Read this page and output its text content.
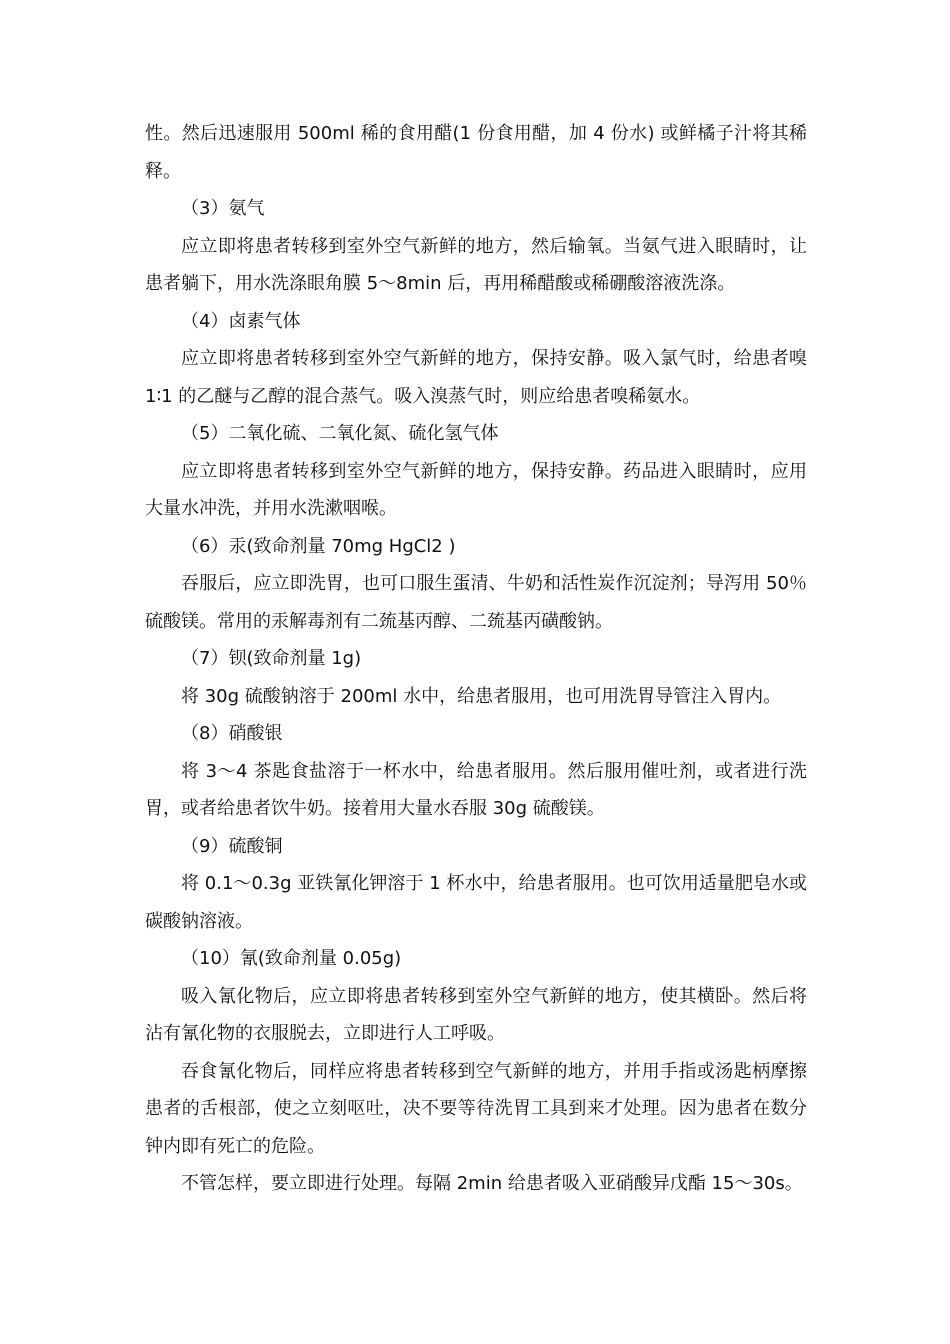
性。然后迅速服用 500ml 稀的食用醋(1 份食用醋，加 4 份水) 或鲜橘子汁将其稀释。

（3）氨气

应立即将患者转移到室外空气新鲜的地方，然后输氧。当氨气进入眼睛时，让患者躺下，用水洗涤眼角膜 5～8min 后，再用稀醋酸或稀硼酸溶液洗涤。

（4）卤素气体

应立即将患者转移到室外空气新鲜的地方，保持安静。吸入氯气时，给患者嗅 1∶1 的乙醚与乙醇的混合蒸气。吸入溴蒸气时，则应给患者嗅稀氨水。

（5）二氧化硫、二氧化氮、硫化氢气体

应立即将患者转移到室外空气新鲜的地方，保持安静。药品进入眼睛时，应用大量水冲洗，并用水洗漱咽喉。

（6）汞(致命剂量 70mg HgCl2 )

吞服后，应立即洗胃，也可口服生蛋清、牛奶和活性炭作沉淀剂；导泻用 50％硫酸镁。常用的汞解毒剂有二巯基丙醇、二巯基丙磺酸钠。

（7）钡(致命剂量 1g)

将 30g 硫酸钠溶于 200ml 水中，给患者服用，也可用洗胃导管注入胃内。

（8）硝酸银

将 3～4 茶匙食盐溶于一杯水中，给患者服用。然后服用催吐剂，或者进行洗胃，或者给患者饮牛奶。接着用大量水吞服 30g 硫酸镁。

（9）硫酸铜

将 0.1～0.3g 亚铁氰化钾溶于 1 杯水中，给患者服用。也可饮用适量肥皂水或碳酸钠溶液。

（10）氰(致命剂量 0.05g)

吸入氰化物后，应立即将患者转移到室外空气新鲜的地方，使其横卧。然后将沾有氰化物的衣服脱去，立即进行人工呼吸。

吞食氰化物后，同样应将患者转移到空气新鲜的地方，并用手指或汤匙柄摩擦患者的舌根部，使之立刻呕吐，决不要等待洗胃工具到来才处理。因为患者在数分钟内即有死亡的危险。

不管怎样，要立即进行处理。每隔 2min 给患者吸入亚硝酸异戊酯 15～30s。
